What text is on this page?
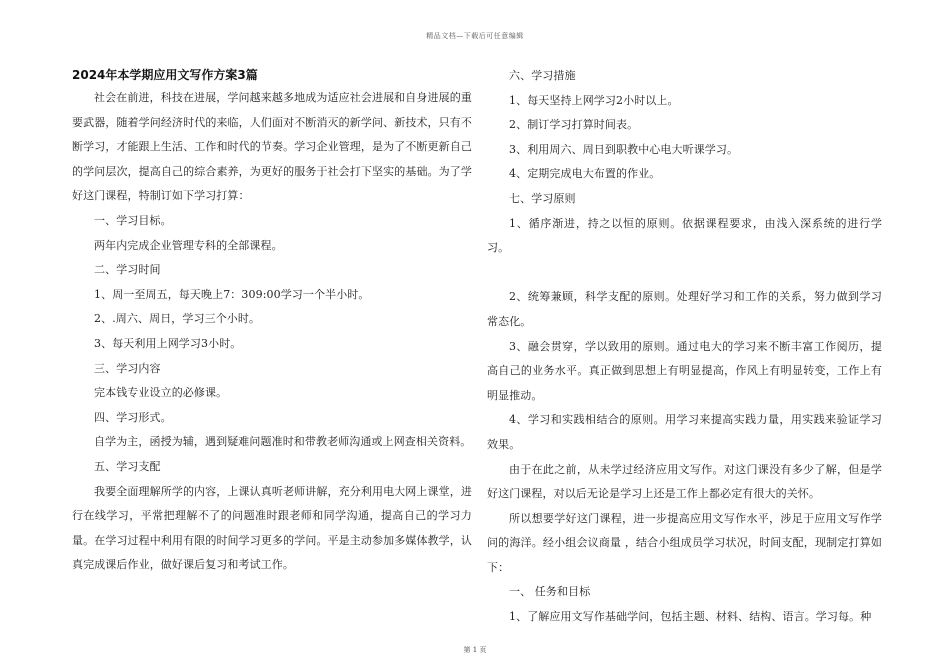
精品文档—下载后可任意编辑
2024年本学期应用文写作方案3篇

社会在前进，科技在进展，学问越来越多地成为适应社会进展和自身进展的重要武器，随着学问经济时代的来临，人们面对不断消灭的新学问、新技术，只有不断学习，才能跟上生活、工作和时代的节奏。学习企业管理，是为了不断更新自己的学问层次，提高自己的综合素养，为更好的服务于社会打下坚实的基础。为了学好这门课程，特制订如下学习打算：

一、学习目标。

两年内完成企业管理专科的全部课程。

二、学习时间

1、周一至周五，每天晚上7：309:00学习一个半小时。

2、.周六、周日，学习三个小时。

3、每天利用上网学习3小时。

三、学习内容

完本钱专业设立的必修课。

四、学习形式。

自学为主，函授为辅，遇到疑难问题准时和带教老师沟通或上网查相关资料。

五、学习支配

我要全面理解所学的内容，上课认真听老师讲解，充分利用电大网上课堂，进行在线学习，平常把理解不了的问题准时跟老师和同学沟通，提高自己的学习力量。在学习过程中利用有限的时间学习更多的学问。平是主动参加多媒体教学，认真完成课后作业，做好课后复习和考试工作。

六、学习措施

1、每天坚持上网学习2小时以上。

2、制订学习打算时间表。

3、利用周六、周日到职教中心电大听课学习。

4、定期完成电大布置的作业。

七、学习原则

1、循序渐进，持之以恒的原则。依据课程要求，由浅入深系统的进行学习。

2、统筹兼顾，科学支配的原则。处理好学习和工作的关系，努力做到学习常态化。

3、融会贯穿，学以致用的原则。通过电大的学习来不断丰富工作阅历，提高自己的业务水平。真正做到思想上有明显提高，作风上有明显转变，工作上有明显推动。

4、学习和实践相结合的原则。用学习来提高实践力量，用实践来验证学习效果。

由于在此之前，从未学过经济应用文写作。对这门课没有多少了解，但是学好这门课程，对以后无论是学习上还是工作上都必定有很大的关怀。

所以想要学好这门课程，进一步提高应用文写作水平，涉足于应用文写作学问的海洋。经小组会议商量 ，结合小组成员学习状况，时间支配，现制定打算如下：

一、 任务和目标

1、了解应用文写作基础学问，包括主题、材料、结构、语言。学习每。种

第 1 页
